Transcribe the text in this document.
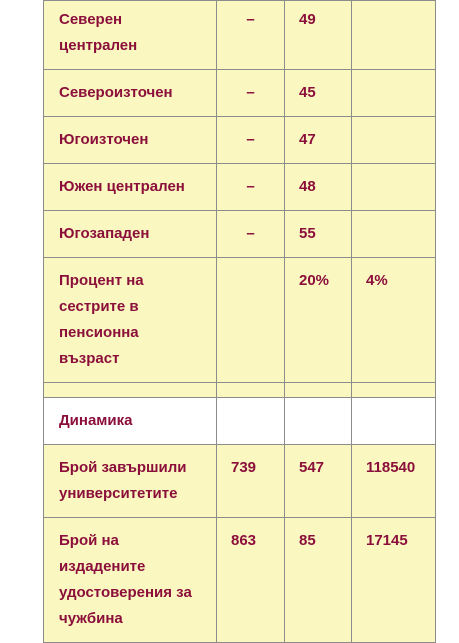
Северен централен	–	49	
Североизточен	–	45	
Югоизточен	–	47	
Южен централен	–	48	
Югозападен	–	55	
Процент на сестрите в пенсионна възраст		20%	4%

Динамика			
Брой завършили университетите	739	547	118540
Брой на издадените удостоверения за чужбина	863	85	17145
